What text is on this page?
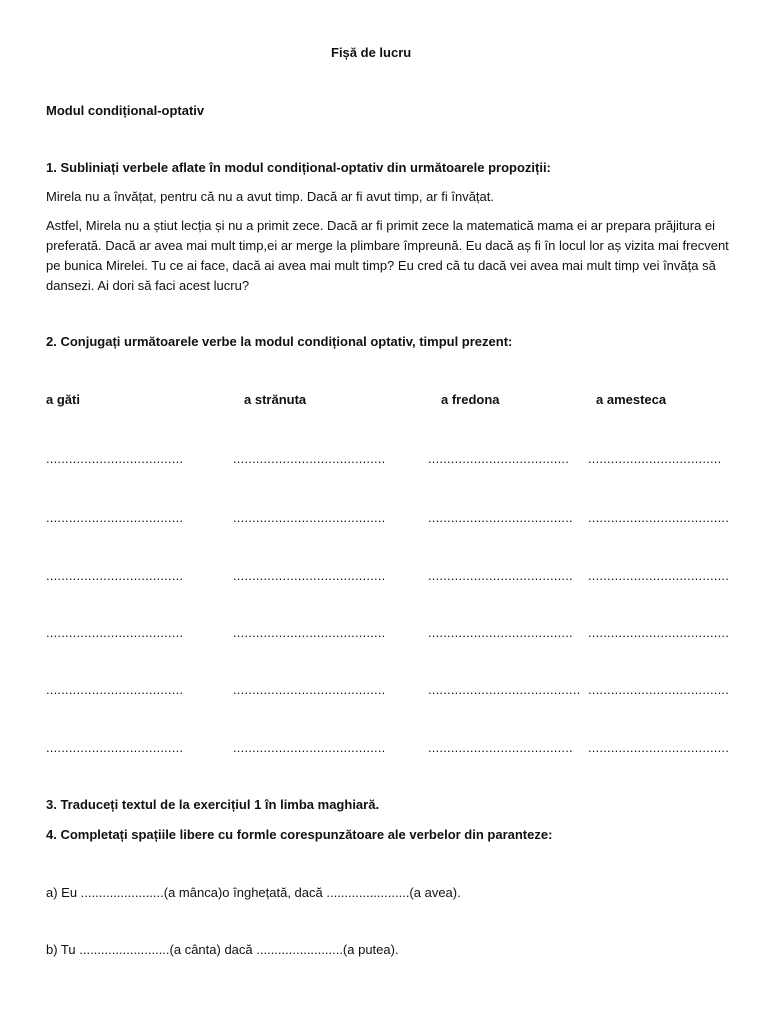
Fișă de lucru
Modul condițional-optativ
1. Subliniați verbele aflate în modul condițional-optativ din următoarele propoziții:
Mirela nu a învățat, pentru că nu a avut timp. Dacă ar fi avut timp, ar fi învățat.
Astfel, Mirela nu a știut lecția și nu a primit zece. Dacă ar fi primit zece la matematică mama ei ar prepara prăjitura ei preferată. Dacă ar avea mai mult timp,ei ar merge la plimbare împreună. Eu dacă aș fi în locul lor aș vizita mai frecvent pe bunica Mirelei. Tu ce ai face, dacă ai avea mai mult timp? Eu cred că tu dacă vei avea mai mult timp vei învăța să dansezi. Ai dori să faci acest lucru?
2. Conjugați următoarele verbe la modul condițional optativ, timpul prezent:
a găti	a strănuta	a fredona	a amesteca
....................................	........................................	..................................... ...................................
....................................	........................................	...................................... .....................................
....................................	........................................	...................................... .....................................
....................................	........................................	...................................... .....................................
....................................	........................................	........................................ .....................................
....................................	........................................	...................................... .....................................
3. Traduceți textul de la exercițiul 1 în limba maghiară.
4. Completați spațiile libere cu formle corespunzătoare ale verbelor din paranteze:
a) Eu .......................(a mânca)o înghețată, dacă .......................(a avea).
b) Tu .........................(a cânta) dacă ........................(a putea).
